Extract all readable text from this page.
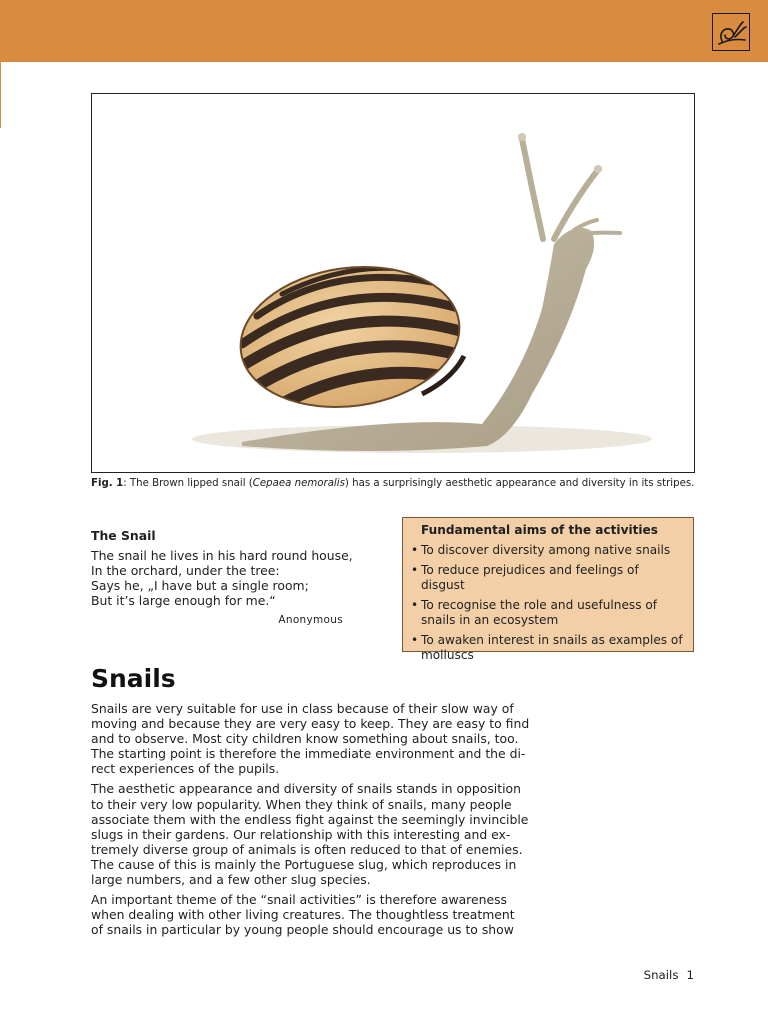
Fig. 1: The Brown lipped snail (Cepaea nemoralis) has a surprisingly aesthetic appearance and diversity in its stripes.
The Snail
The snail he lives in his hard round house,
In the orchard, under the tree:
Says he, „I have but a single room;
But it’s large enough for me.“
Anonymous
Fundamental aims of the activities
• To discover diversity among native snails
• To reduce prejudices and feelings of disgust
• To recognise the role and usefulness of snails in an ecosystem
• To awaken interest in snails as examples of molluscs
Snails

Snails are very suitable for use in class because of their slow way of
moving and because they are very easy to keep. They are easy to find
and to observe. Most city children know something about snails, too.
The starting point is therefore the immediate environment and the di-
rect experiences of the pupils.

The aesthetic appearance and diversity of snails stands in opposition
to their very low popularity. When they think of snails, many people
associate them with the endless fight against the seemingly invincible
slugs in their gardens. Our relationship with this interesting and ex-
tremely diverse group of animals is often reduced to that of enemies.
The cause of this is mainly the Portuguese slug, which reproduces in
large numbers, and a few other slug species.

An important theme of the “snail activities” is therefore awareness
when dealing with other living creatures. The thoughtless treatment
of snails in particular by young people should encourage us to show

Snails 1
